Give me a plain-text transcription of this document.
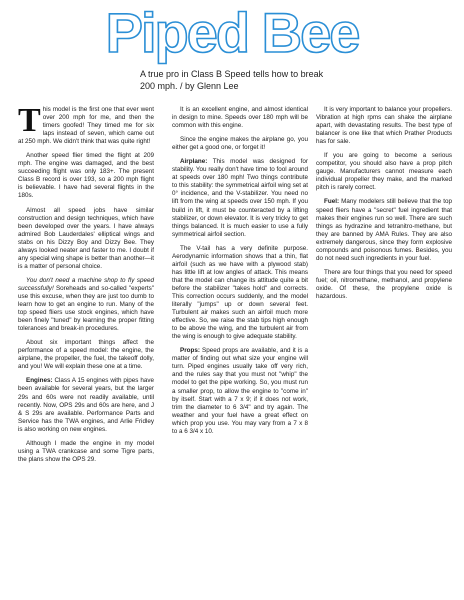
Piped Bee

A true pro in Class B Speed tells how to break 200 mph. / by Glenn Lee

This model is the first one that ever went over 200 mph for me, and then the timers goofed! They timed me for six laps instead of seven, which came out at 250 mph. We didn't think that was quite right!

Another speed flier timed the flight at 209 mph. The engine was damaged, and the best succeeding flight was only 183+. The present Class B record is over 193, so a 200 mph flight is believable. I have had several flights in the 180s.

Almost all speed jobs have similar construction and design techniques, which have been developed over the years. I have always admired Bob Lauderdales' elliptical wings and stabs on his Dizzy Boy and Dizzy Bee. They always looked neater and faster to me. I doubt if any special wing shape is better than another—it is a matter of personal choice.

You don't need a machine shop to fly speed successfully! Soreheads and so-called "experts" use this excuse, when they are just too dumb to learn how to get an engine to run. Many of the top speed fliers use stock engines, which have been finely "tuned" by learning the proper fitting tolerances and break-in procedures.

About six important things affect the performance of a speed model: the engine, the airplane, the propeller, the fuel, the takeoff dolly, and you! We will explain these one at a time.

Engines: Class A 15 engines with pipes have been available for several years, but the larger 29s and 60s were not readily available, until recently. Now, OPS 29s and 60s are here, and J & S 29s are available. Performance Parts and Service has the TWA engines, and Arlie Fridley is also working on new engines.

Although I made the engine in my model using a TWA crankcase and some Tigre parts, the plans show the OPS 29.

It is an excellent engine, and almost identical in design to mine. Speeds over 180 mph will be common with this engine.

Since the engine makes the airplane go, you either get a good one, or forget it!

Airplane: This model was designed for stability. You really don't have time to fool around at speeds over 180 mph! Two things contribute to this stability: the symmetrical airfoil wing set at 0° incidence, and the V-stabilizer. You need no lift from the wing at speeds over 150 mph. If you build in lift, it must be counteracted by a lifting stabilizer, or down elevator. It is very tricky to get things balanced. It is much easier to use a fully symmetrical airfoil section.

The V-tail has a very definite purpose. Aerodynamic information shows that a thin, flat airfoil (such as we have with a plywood stab) has little lift at low angles of attack. This means that the model can change its attitude quite a bit before the stabilizer "takes hold" and corrects. This correction occurs suddenly, and the model literally "jumps" up or down several feet. Turbulent air makes such an airfoil much more effective. So, we raise the stab tips high enough to be above the wing, and the turbulent air from the wing is enough to give adequate stability.

Props: Speed props are available, and it is a matter of finding out what size your engine will turn. Piped engines usually take off very rich, and the rules say that you must not "whip" the model to get the pipe working. So, you must run a smaller prop, to allow the engine to "come in" by itself. Start with a 7 x 9; if it does not work, trim the diameter to 6 3/4" and try again. The weather and your fuel have a great effect on which prop you use. You may vary from a 7 x 8 to a 6 3/4 x 10.

It is very important to balance your propellers. Vibration at high rpms can shake the airplane apart, with devastating results. The best type of balancer is one like that which Prather Products has for sale.

If you are going to become a serious competitor, you should also have a prop pitch gauge. Manufacturers cannot measure each individual propeller they make, and the marked pitch is rarely correct.

Fuel: Many modelers still believe that the top speed fliers have a "secret" fuel ingredient that makes their engines run so well. There are such things as hydrazine and tetranitro-methane, but they are banned by AMA Rules. They are also extremely dangerous, since they form explosive compounds and poisonous fumes. Besides, you do not need such ingredients in your fuel.

There are four things that you need for speed fuel; oil, nitromethane, methanol, and propylene oxide. Of these, the propylene oxide is hazardous.
